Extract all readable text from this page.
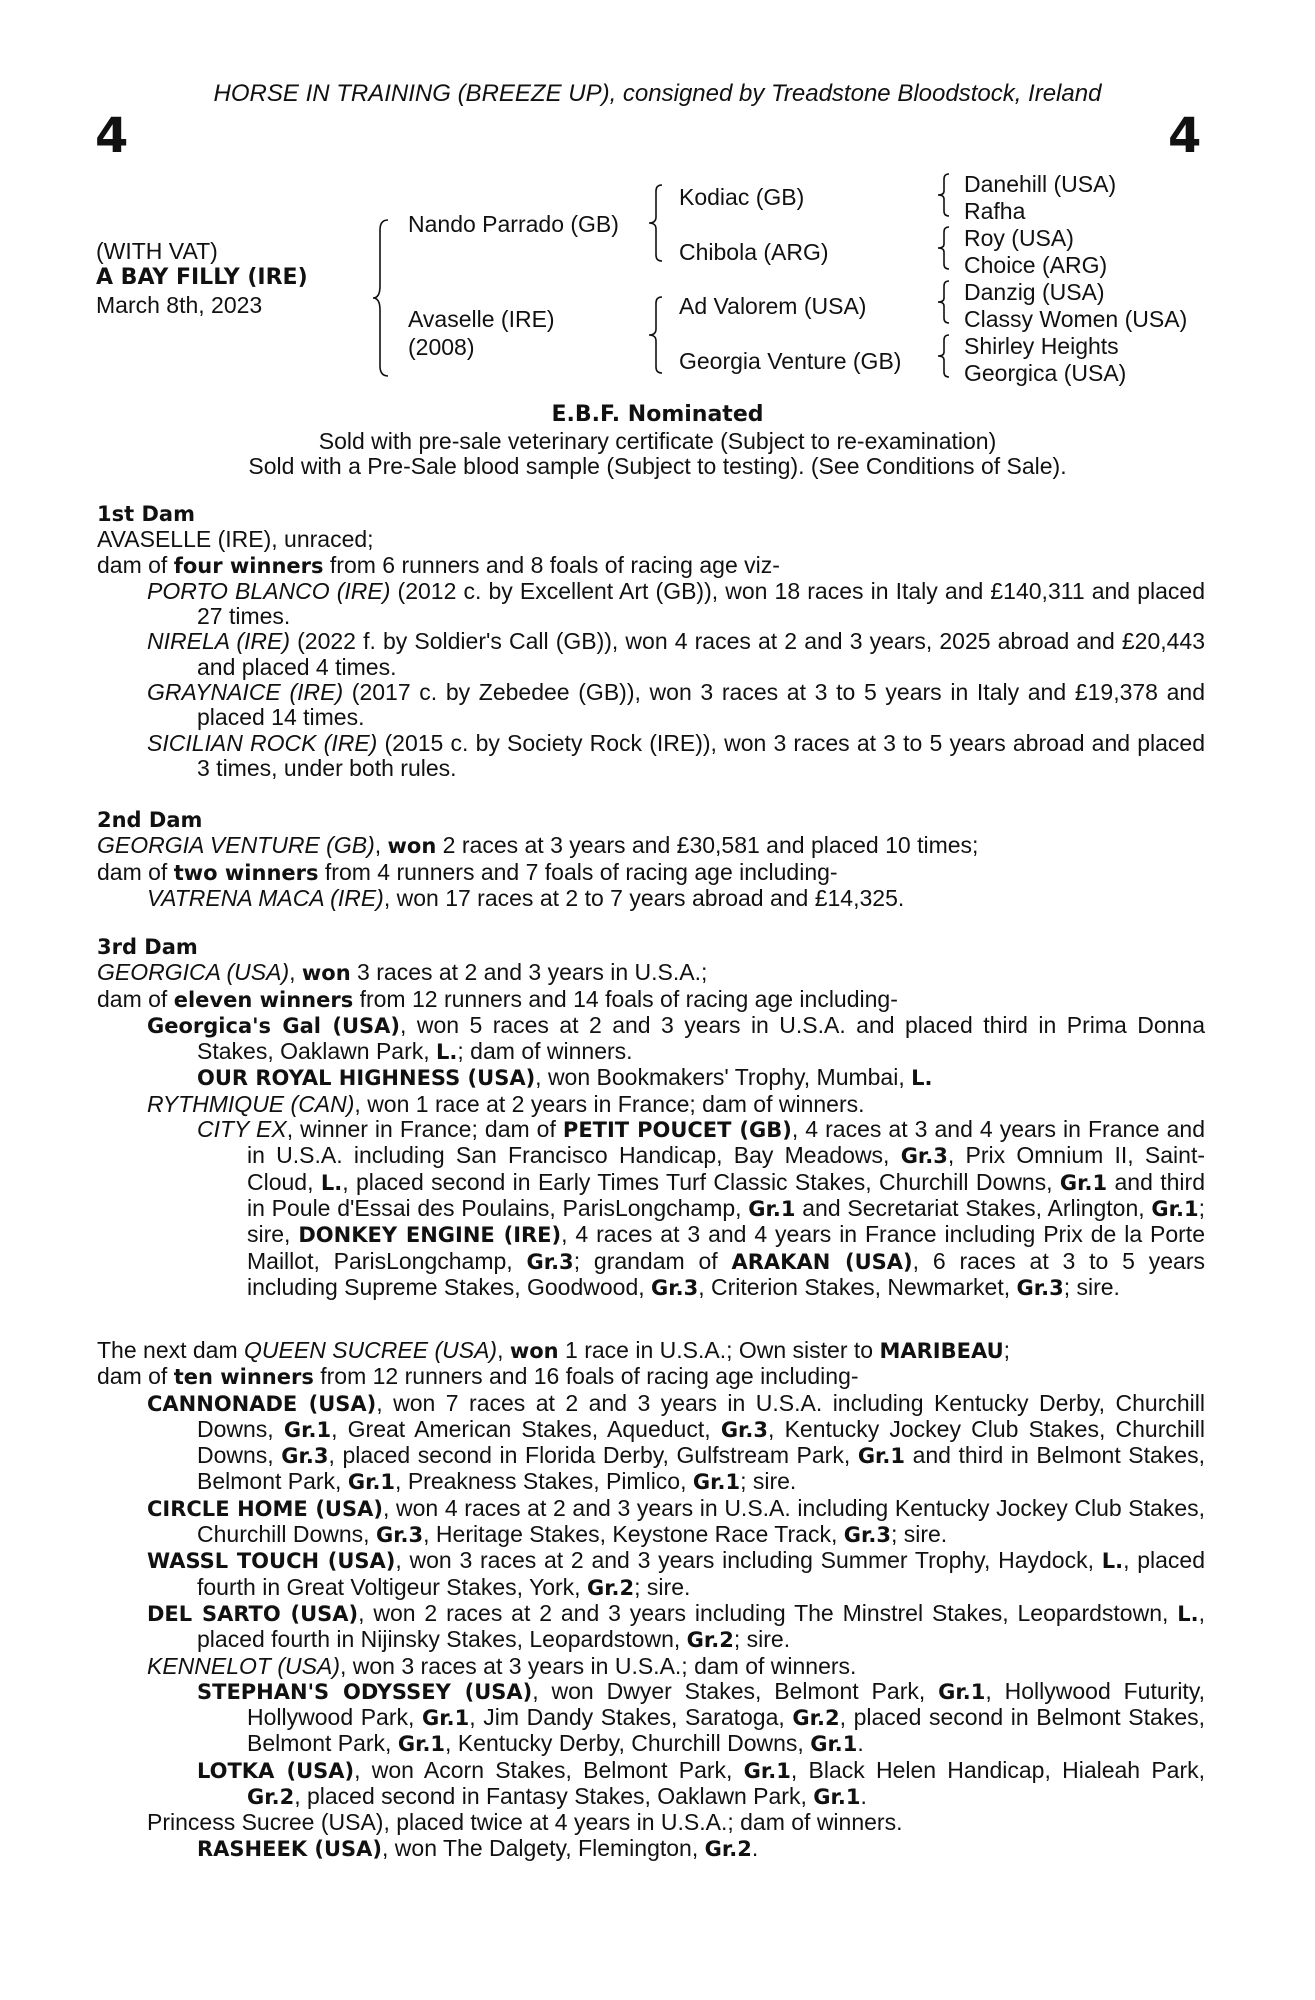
HORSE IN TRAINING (BREEZE UP), consigned by Treadstone Bloodstock, Ireland
4	4
(WITH VAT)
A BAY FILLY (IRE)
March 8th, 2023
Nando Parrado (GB)
Avaselle (IRE)
(2008)
Kodiac (GB)
Chibola (ARG)
Ad Valorem (USA)
Georgia Venture (GB)
Danehill (USA)
Rafha
Roy (USA)
Choice (ARG)
Danzig (USA)
Classy Women (USA)
Shirley Heights
Georgica (USA)
E.B.F. Nominated
Sold with pre-sale veterinary certificate (Subject to re-examination)
Sold with a Pre-Sale blood sample (Subject to testing). (See Conditions of Sale).

1st Dam

AVASELLE (IRE), unraced;

dam of four winners from 6 runners and 8 foals of racing age viz-

PORTO BLANCO (IRE) (2012 c. by Excellent Art (GB)), won 18 races in Italy and £140,311 and placed 27 times.

NIRELA (IRE) (2022 f. by Soldier's Call (GB)), won 4 races at 2 and 3 years, 2025 abroad and £20,443 and placed 4 times.

GRAYNAICE (IRE) (2017 c. by Zebedee (GB)), won 3 races at 3 to 5 years in Italy and £19,378 and placed 14 times.

SICILIAN ROCK (IRE) (2015 c. by Society Rock (IRE)), won 3 races at 3 to 5 years abroad and placed 3 times, under both rules.

2nd Dam

GEORGIA VENTURE (GB), won 2 races at 3 years and £30,581 and placed 10 times;

dam of two winners from 4 runners and 7 foals of racing age including-

VATRENA MACA (IRE), won 17 races at 2 to 7 years abroad and £14,325.

3rd Dam

GEORGICA (USA), won 3 races at 2 and 3 years in U.S.A.;

dam of eleven winners from 12 runners and 14 foals of racing age including-

Georgica's Gal (USA), won 5 races at 2 and 3 years in U.S.A. and placed third in Prima Donna Stakes, Oaklawn Park, L.; dam of winners.

OUR ROYAL HIGHNESS (USA), won Bookmakers' Trophy, Mumbai, L.

RYTHMIQUE (CAN), won 1 race at 2 years in France; dam of winners.

CITY EX, winner in France; dam of PETIT POUCET (GB), 4 races at 3 and 4 years in France and in U.S.A. including San Francisco Handicap, Bay Meadows, Gr.3, Prix Omnium II, Saint-Cloud, L., placed second in Early Times Turf Classic Stakes, Churchill Downs, Gr.1 and third in Poule d'Essai des Poulains, ParisLongchamp, Gr.1 and Secretariat Stakes, Arlington, Gr.1; sire, DONKEY ENGINE (IRE), 4 races at 3 and 4 years in France including Prix de la Porte Maillot, ParisLongchamp, Gr.3; grandam of ARAKAN (USA), 6 races at 3 to 5 years including Supreme Stakes, Goodwood, Gr.3, Criterion Stakes, Newmarket, Gr.3; sire.

The next dam QUEEN SUCREE (USA), won 1 race in U.S.A.; Own sister to MARIBEAU;

dam of ten winners from 12 runners and 16 foals of racing age including-

CANNONADE (USA), won 7 races at 2 and 3 years in U.S.A. including Kentucky Derby, Churchill Downs, Gr.1, Great American Stakes, Aqueduct, Gr.3, Kentucky Jockey Club Stakes, Churchill Downs, Gr.3, placed second in Florida Derby, Gulfstream Park, Gr.1 and third in Belmont Stakes, Belmont Park, Gr.1, Preakness Stakes, Pimlico, Gr.1; sire.

CIRCLE HOME (USA), won 4 races at 2 and 3 years in U.S.A. including Kentucky Jockey Club Stakes, Churchill Downs, Gr.3, Heritage Stakes, Keystone Race Track, Gr.3; sire.

WASSL TOUCH (USA), won 3 races at 2 and 3 years including Summer Trophy, Haydock, L., placed fourth in Great Voltigeur Stakes, York, Gr.2; sire.

DEL SARTO (USA), won 2 races at 2 and 3 years including The Minstrel Stakes, Leopardstown, L., placed fourth in Nijinsky Stakes, Leopardstown, Gr.2; sire.

KENNELOT (USA), won 3 races at 3 years in U.S.A.; dam of winners.

STEPHAN'S ODYSSEY (USA), won Dwyer Stakes, Belmont Park, Gr.1, Hollywood Futurity, Hollywood Park, Gr.1, Jim Dandy Stakes, Saratoga, Gr.2, placed second in Belmont Stakes, Belmont Park, Gr.1, Kentucky Derby, Churchill Downs, Gr.1.

LOTKA (USA), won Acorn Stakes, Belmont Park, Gr.1, Black Helen Handicap, Hialeah Park, Gr.2, placed second in Fantasy Stakes, Oaklawn Park, Gr.1.

Princess Sucree (USA), placed twice at 4 years in U.S.A.; dam of winners.

RASHEEK (USA), won The Dalgety, Flemington, Gr.2.
